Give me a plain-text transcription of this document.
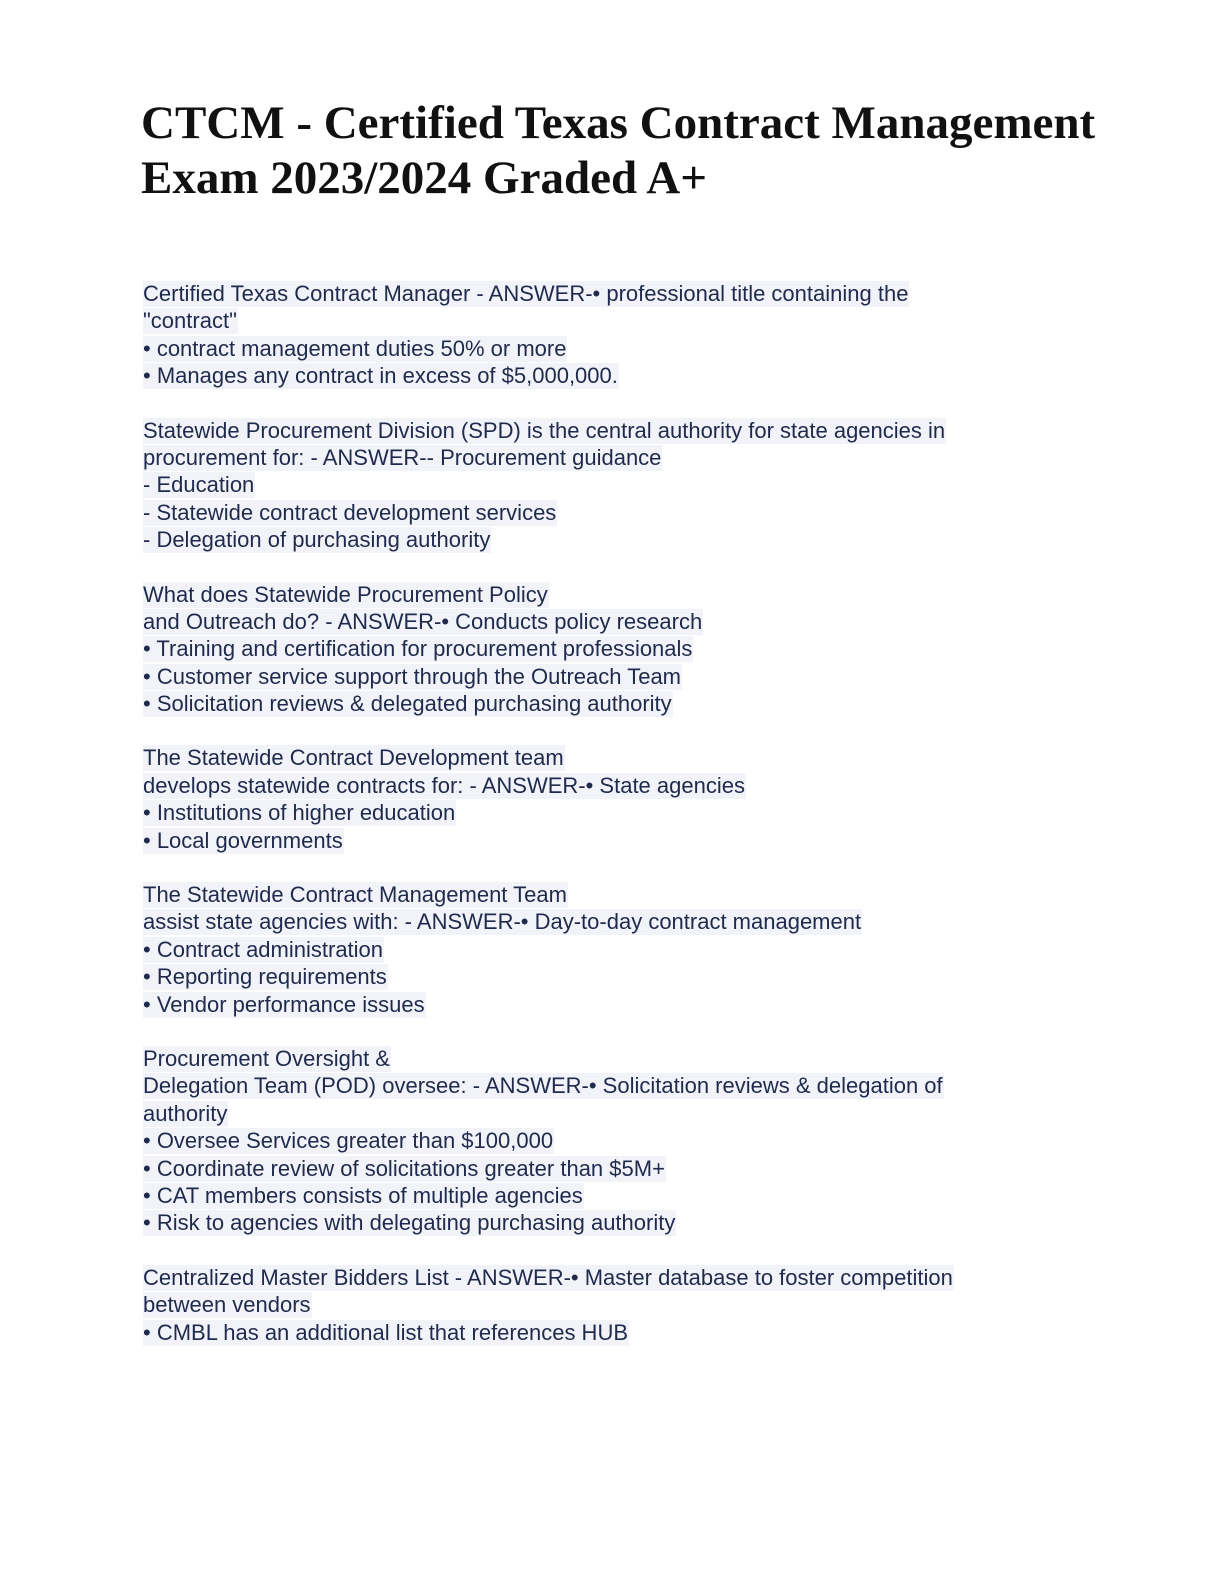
CTCM - Certified Texas Contract Management
Exam 2023/2024 Graded A+
Certified Texas Contract Manager - ANSWER-• professional title containing the
"contract"
• contract management duties 50% or more
• Manages any contract in excess of $5,000,000.
Statewide Procurement Division (SPD) is the central authority for state agencies in
procurement for: - ANSWER-- Procurement guidance
- Education
- Statewide contract development services
- Delegation of purchasing authority
What does Statewide Procurement Policy
and Outreach do? - ANSWER-• Conducts policy research
• Training and certification for procurement professionals
• Customer service support through the Outreach Team
• Solicitation reviews & delegated purchasing authority
The Statewide Contract Development team
develops statewide contracts for: - ANSWER-• State agencies
• Institutions of higher education
• Local governments
The Statewide Contract Management Team
assist state agencies with: - ANSWER-• Day-to-day contract management
• Contract administration
• Reporting requirements
• Vendor performance issues
Procurement Oversight &
Delegation Team (POD) oversee: - ANSWER-• Solicitation reviews & delegation of
authority
• Oversee Services greater than $100,000
• Coordinate review of solicitations greater than $5M+
• CAT members consists of multiple agencies
• Risk to agencies with delegating purchasing authority
Centralized Master Bidders List - ANSWER-• Master database to foster competition
between vendors
• CMBL has an additional list that references HUB
